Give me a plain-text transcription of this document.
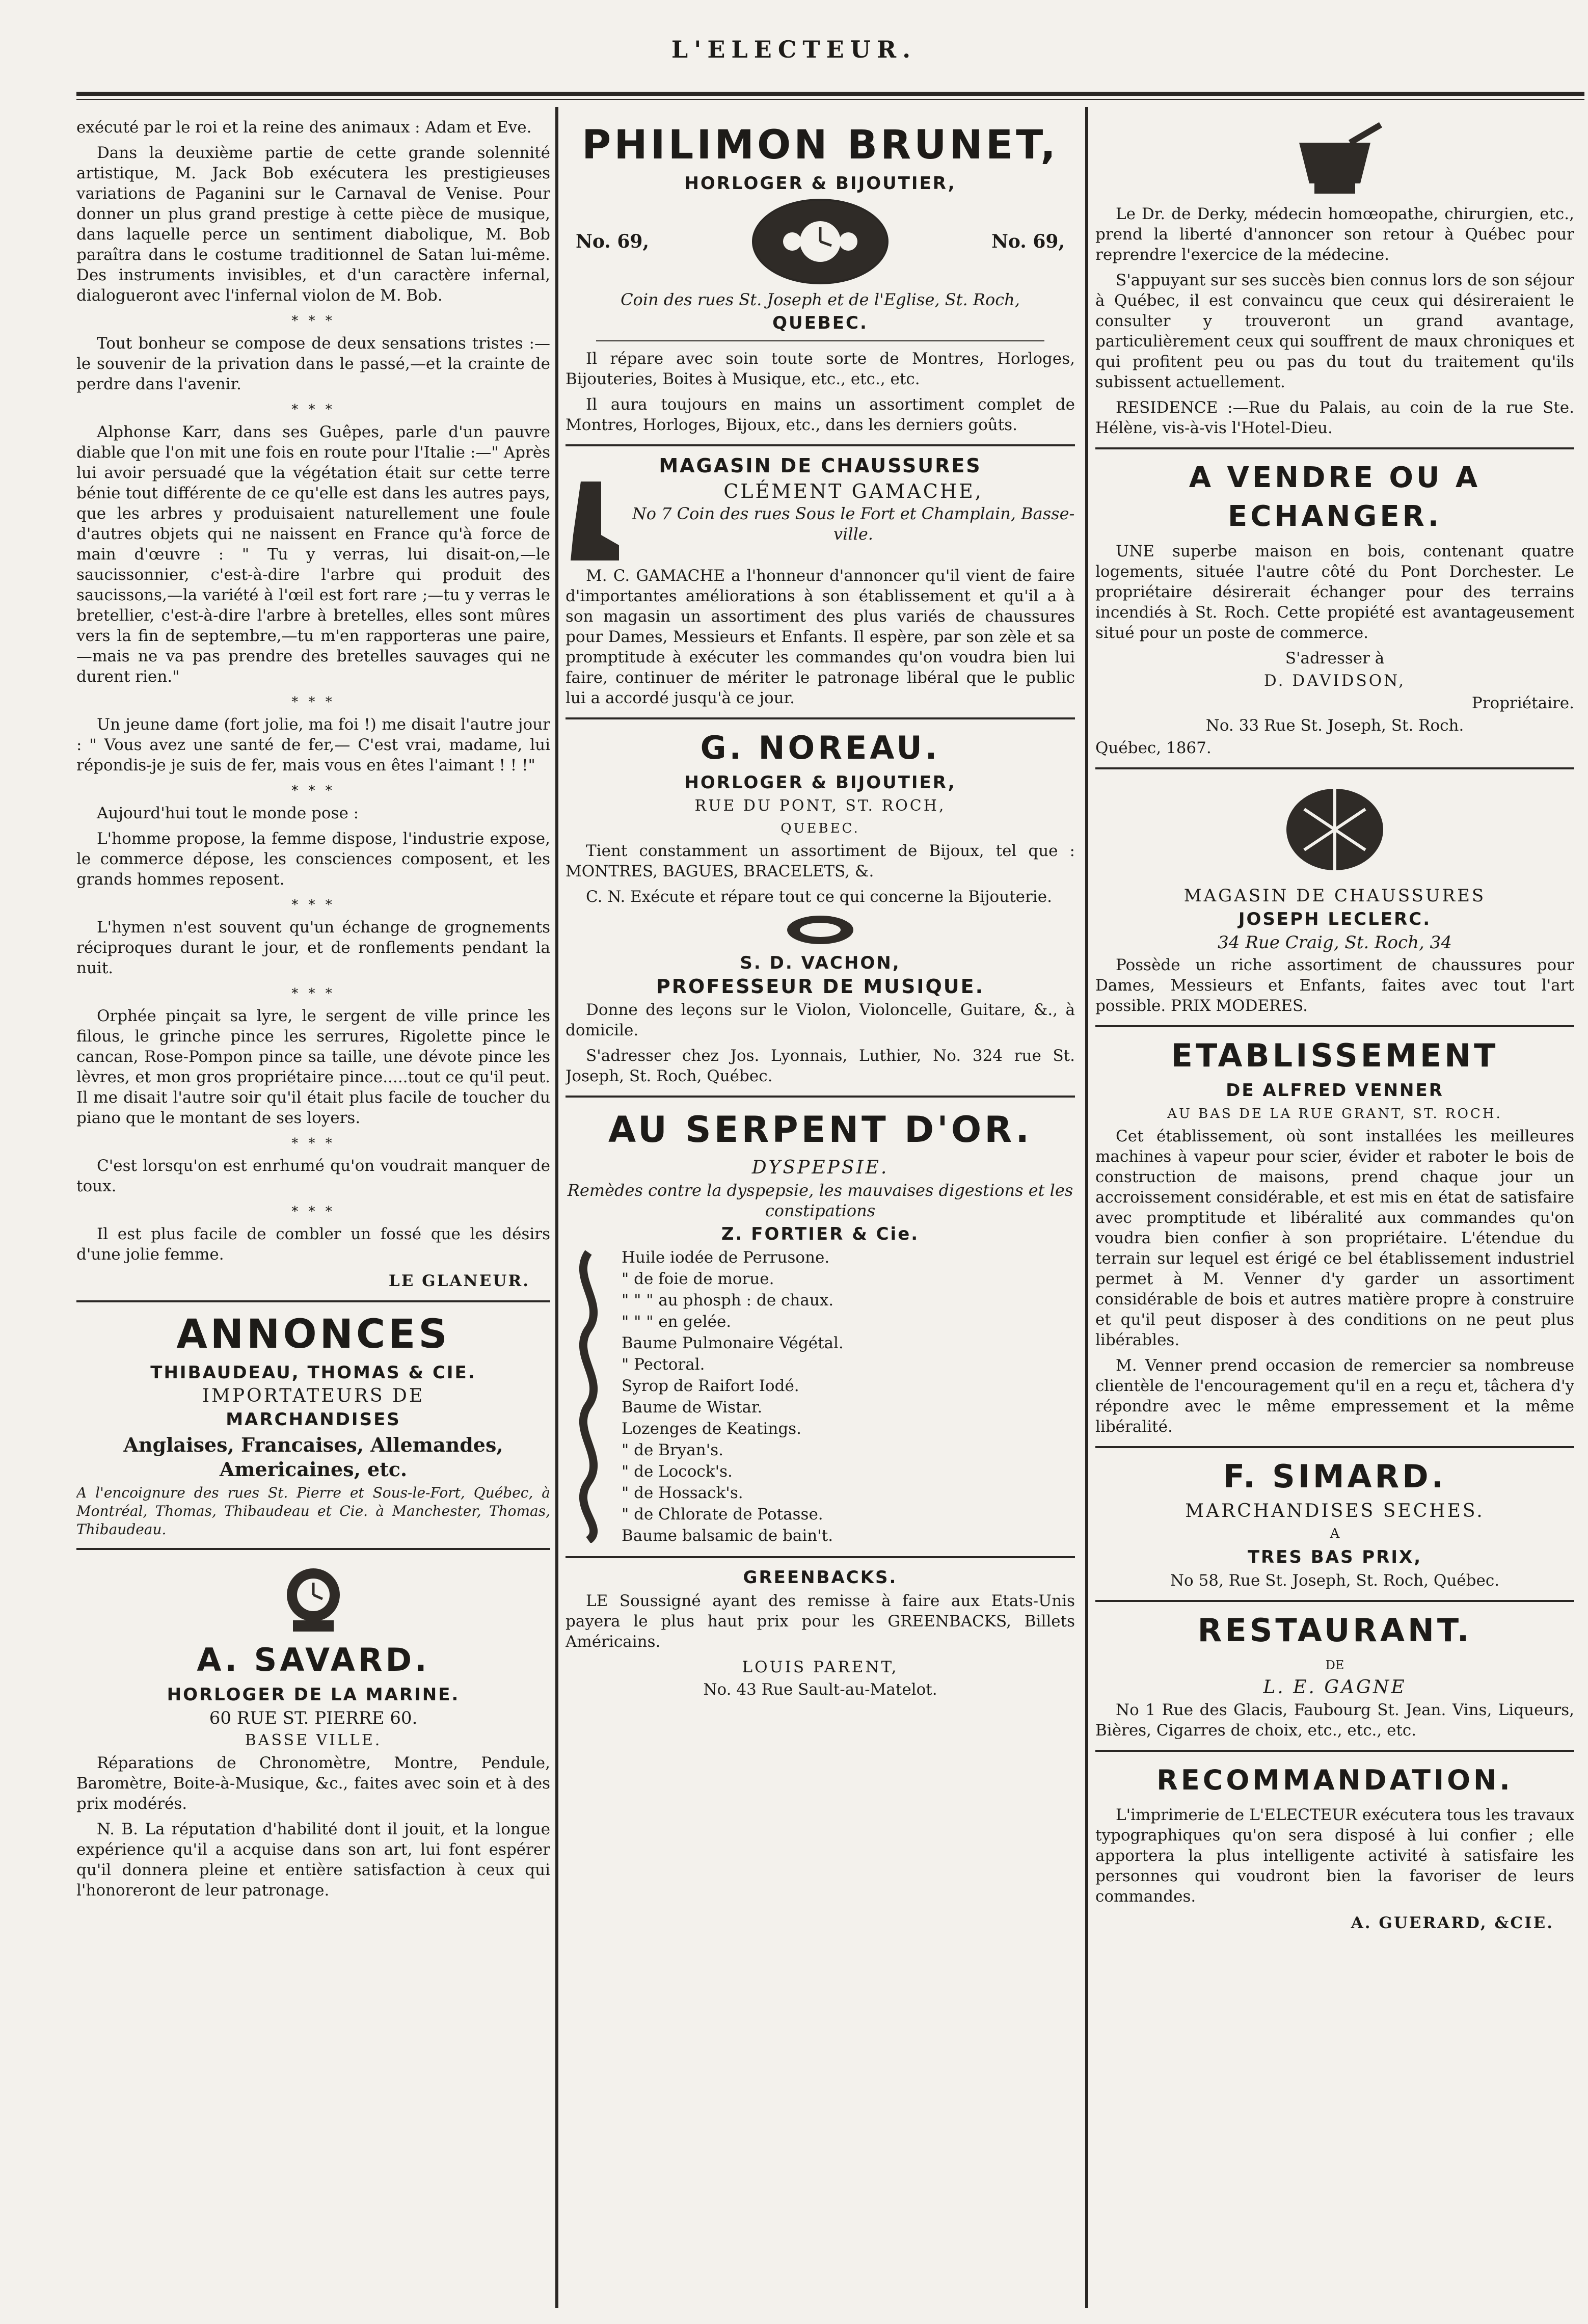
L'ELECTEUR.

exécuté par le roi et la reine des animaux : Adam et Eve.

Dans la deuxième partie de cette grande solennité artistique, M. Jack Bob exécutera les prestigieuses variations de Paganini sur le Carnaval de Venise. Pour donner un plus grand prestige à cette pièce de musique, dans laquelle perce un sentiment diabolique, M. Bob paraîtra dans le costume traditionnel de Satan lui-même. Des instruments invisibles, et d'un caractère infernal, dialogueront avec l'infernal violon de M. Bob.

* * *

Tout bonheur se compose de deux sensations tristes :—le souvenir de la privation dans le passé,—et la crainte de perdre dans l'avenir.

* * *

Alphonse Karr, dans ses Guêpes, parle d'un pauvre diable que l'on mit une fois en route pour l'Italie :—" Après lui avoir persuadé que la végétation était sur cette terre bénie tout différente de ce qu'elle est dans les autres pays, que les arbres y produisaient naturellement une foule d'autres objets qui ne naissent en France qu'à force de main d'œuvre : " Tu y verras, lui disait-on,—le saucissonnier, c'est-à-dire l'arbre qui produit des saucissons,—la variété à l'œil est fort rare ;—tu y verras le bretellier, c'est-à-dire l'arbre à bretelles, elles sont mûres vers la fin de septembre,—tu m'en rapporteras une paire,—mais ne va pas prendre des bretelles sauvages qui ne durent rien."

* * *

Un jeune dame (fort jolie, ma foi !) me disait l'autre jour : " Vous avez une santé de fer,— C'est vrai, madame, lui répondis-je je suis de fer, mais vous en êtes l'aimant ! ! !"

* * *

Aujourd'hui tout le monde pose :

L'homme propose, la femme dispose, l'industrie expose, le commerce dépose, les consciences composent, et les grands hommes reposent.

* * *

L'hymen n'est souvent qu'un échange de grognements réciproques durant le jour, et de ronflements pendant la nuit.

* * *

Orphée pinçait sa lyre, le sergent de ville prince les filous, le grinche pince les serrures, Rigolette pince le cancan, Rose-Pompon pince sa taille, une dévote pince les lèvres, et mon gros propriétaire pince.....tout ce qu'il peut. Il me disait l'autre soir qu'il était plus facile de toucher du piano que le montant de ses loyers.

* * *

C'est lorsqu'on est enrhumé qu'on voudrait manquer de toux.

* * *

Il est plus facile de combler un fossé que les désirs d'une jolie femme.

LE GLANEUR.
ANNONCES
THIBAUDEAU, THOMAS & CIE.
IMPORTATEURS DE
MARCHANDISES
Anglaises, Francaises, Allemandes, Americaines, etc.

A l'encoignure des rues St. Pierre et Sous-le-Fort, Québec, à Montréal, Thomas, Thibaudeau et Cie. à Manchester, Thomas, Thibaudeau.

A. SAVARD.
HORLOGER DE LA MARINE.
60 RUE ST. PIERRE 60.
BASSE VILLE.

Réparations de Chronomètre, Montre, Pendule, Baromètre, Boite-à-Musique, &c., faites avec soin et à des prix modérés.

N. B. La réputation d'habilité dont il jouit, et la longue expérience qu'il a acquise dans son art, lui font espérer qu'il donnera pleine et entière satisfaction à ceux qui l'honoreront de leur patronage.

PHILIMON BRUNET,
HORLOGER & BIJOUTIER,
No. 69,	No. 69,
Coin des rues St. Joseph et de l'Eglise, St. Roch,
QUEBEC.

Il répare avec soin toute sorte de Montres, Horloges, Bijouteries, Boites à Musique, etc., etc., etc.

Il aura toujours en mains un assortiment complet de Montres, Horloges, Bijoux, etc., dans les derniers goûts.

MAGASIN DE CHAUSSURES
CLÉMENT GAMACHE,
No 7 Coin des rues Sous le Fort et Champlain, Basse-ville.

M. C. GAMACHE a l'honneur d'annoncer qu'il vient de faire d'importantes améliorations à son établissement et qu'il a à son magasin un assortiment des plus variés de chaussures pour Dames, Messieurs et Enfants. Il espère, par son zèle et sa promptitude à exécuter les commandes qu'on voudra bien lui faire, continuer de mériter le patronage libéral que le public lui a accordé jusqu'à ce jour.

G. NOREAU.
HORLOGER & BIJOUTIER,
RUE DU PONT, ST. ROCH,
QUEBEC.

Tient constamment un assortiment de Bijoux, tel que : MONTRES, BAGUES, BRACELETS, &.

C. N. Exécute et répare tout ce qui concerne la Bijouterie.

S. D. VACHON,
PROFESSEUR DE MUSIQUE.

Donne des leçons sur le Violon, Violoncelle, Guitare, &., à domicile.

S'adresser chez Jos. Lyonnais, Luthier, No. 324 rue St. Joseph, St. Roch, Québec.

AU SERPENT D'OR.
DYSPEPSIE.
Remèdes contre la dyspepsie, les mauvaises digestions et les constipations
Z. FORTIER & Cie.
Huile iodée de Perrusone.
" de foie de morue.
" " " au phosph : de chaux.
" " " en gelée.
Baume Pulmonaire Végétal.
" Pectoral.
Syrop de Raifort Iodé.
Baume de Wistar.
Lozenges de Keatings.
" de Bryan's.
" de Locock's.
" de Hossack's.
" de Chlorate de Potasse.
Baume balsamic de bain't.
GREENBACKS.

LE Soussigné ayant des remisse à faire aux Etats-Unis payera le plus haut prix pour les GREENBACKS, Billets Américains.

LOUIS PARENT,
No. 43 Rue Sault-au-Matelot.

Le Dr. de Derky, médecin homœopathe, chirurgien, etc., prend la liberté d'annoncer son retour à Québec pour reprendre l'exercice de la médecine.

S'appuyant sur ses succès bien connus lors de son séjour à Québec, il est convaincu que ceux qui désireraient le consulter y trouveront un grand avantage, particulièrement ceux qui souffrent de maux chroniques et qui profitent peu ou pas du tout du traitement qu'ils subissent actuellement.

RESIDENCE :—Rue du Palais, au coin de la rue Ste. Hélène, vis-à-vis l'Hotel-Dieu.

A VENDRE OU A ECHANGER.

UNE superbe maison en bois, contenant quatre logements, située l'autre côté du Pont Dorchester. Le propriétaire désirerait échanger pour des terrains incendiés à St. Roch. Cette propiété est avantageusement situé pour un poste de commerce.

S'adresser à
D. DAVIDSON,
Propriétaire.
No. 33 Rue St. Joseph, St. Roch.
Québec, 1867.
MAGASIN DE CHAUSSURES
JOSEPH LECLERC.
34 Rue Craig, St. Roch, 34

Possède un riche assortiment de chaussures pour Dames, Messieurs et Enfants, faites avec tout l'art possible. PRIX MODERES.

ETABLISSEMENT
DE ALFRED VENNER
AU BAS DE LA RUE GRANT, ST. ROCH.

Cet établissement, où sont installées les meilleures machines à vapeur pour scier, évider et raboter le bois de construction de maisons, prend chaque jour un accroissement considérable, et est mis en état de satisfaire avec promptitude et libéralité aux commandes qu'on voudra bien confier à son propriétaire. L'étendue du terrain sur lequel est érigé ce bel établissement industriel permet à M. Venner d'y garder un assortiment considérable de bois et autres matière propre à construire et qu'il peut disposer à des conditions on ne peut plus libérables.

M. Venner prend occasion de remercier sa nombreuse clientèle de l'encouragement qu'il en a reçu et, tâchera d'y répondre avec le même empressement et la même libéralité.

F. SIMARD.
MARCHANDISES SECHES.
A
TRES BAS PRIX,
No 58, Rue St. Joseph, St. Roch, Québec.
RESTAURANT.
DE
L. E. GAGNE

No 1 Rue des Glacis, Faubourg St. Jean. Vins, Liqueurs, Bières, Cigarres de choix, etc., etc., etc.

RECOMMANDATION.

L'imprimerie de L'ELECTEUR exécutera tous les travaux typographiques qu'on sera disposé à lui confier ; elle apportera la plus intelligente activité à satisfaire les personnes qui voudront bien la favoriser de leurs commandes.

A. GUERARD, &CIE.
